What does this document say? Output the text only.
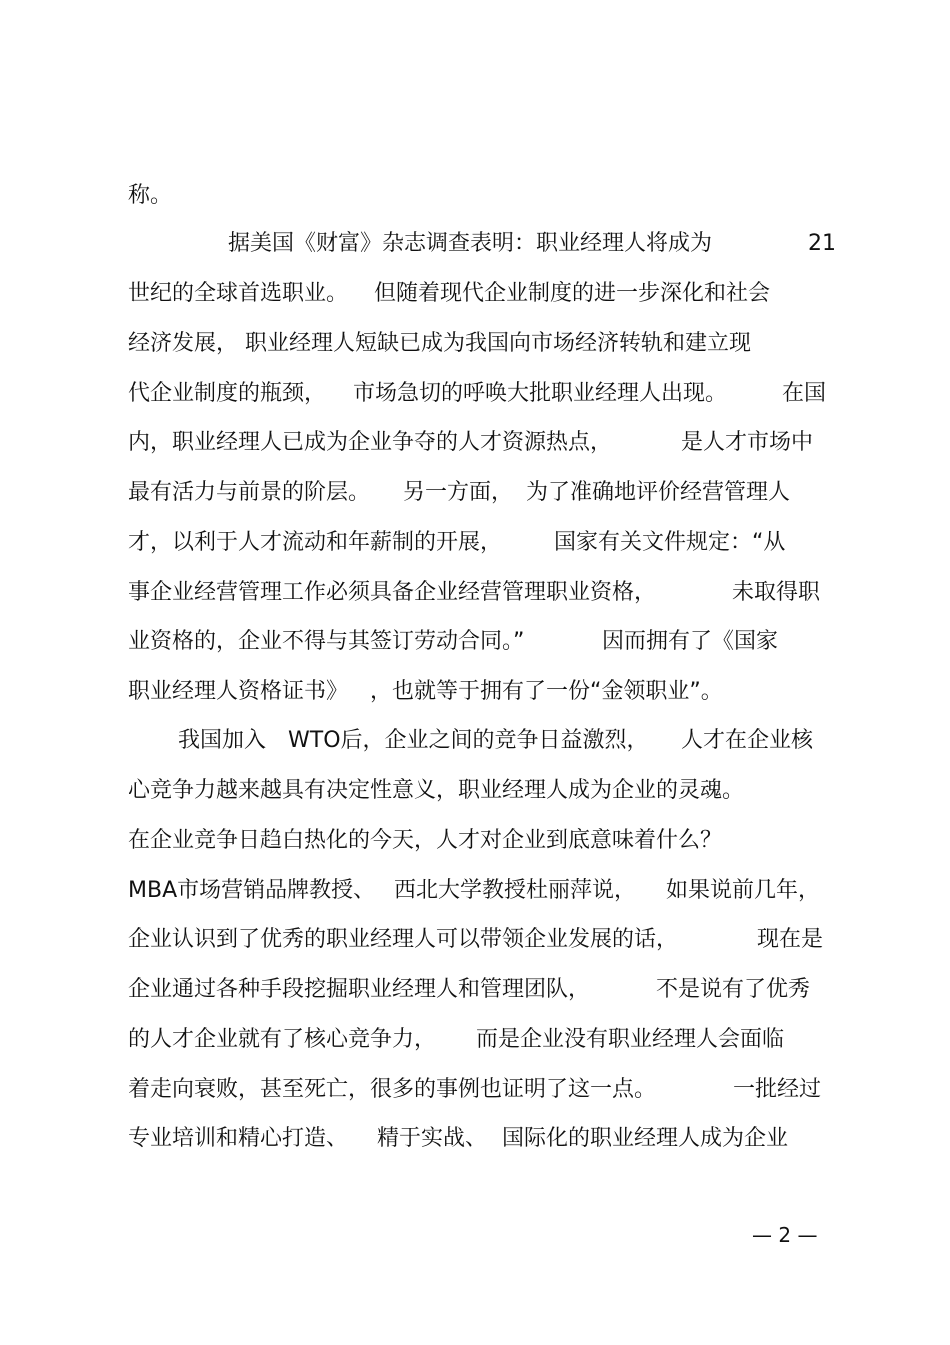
称。
据美国《财富》杂志调查表明：职业经理人将成为	21
世纪的全球首选职业。 但随着现代企业制度的进一步深化和社会
经济发展， 职业经理人短缺已成为我国向市场经济转轨和建立现
代企业制度的瓶颈， 市场急切的呼唤大批职业经理人出现。 在国
内，职业经理人已成为企业争夺的人才资源热点，	是人才市场中
最有活力与前景的阶层。 另一方面， 为了准确地评价经营管理人
才，以利于人才流动和年薪制的开展， 国家有关文件规定：“从
事企业经营管理工作必须具备企业经营管理职业资格，	未取得职
业资格的，企业不得与其签订劳动合同。”	因而拥有了《国家
职业经理人资格证书》 ，也就等于拥有了一份“金领职业”。
我国加入 WTO后，企业之间的竞争日益激烈， 人才在企业核
心竞争力越来越具有决定性意义，职业经理人成为企业的灵魂。
在企业竞争日趋白热化的今天，人才对企业到底意味着什么？
MBA市场营销品牌教授、 西北大学教授杜丽萍说， 如果说前几年，
企业认识到了优秀的职业经理人可以带领企业发展的话，	现在是
企业通过各种手段挖掘职业经理人和管理团队，	不是说有了优秀
的人才企业就有了核心竞争力， 而是企业没有职业经理人会面临
着走向衰败，甚至死亡，很多的事例也证明了这一点。	一批经过
专业培训和精心打造、 精于实战、 国际化的职业经理人成为企业
— 2 —
